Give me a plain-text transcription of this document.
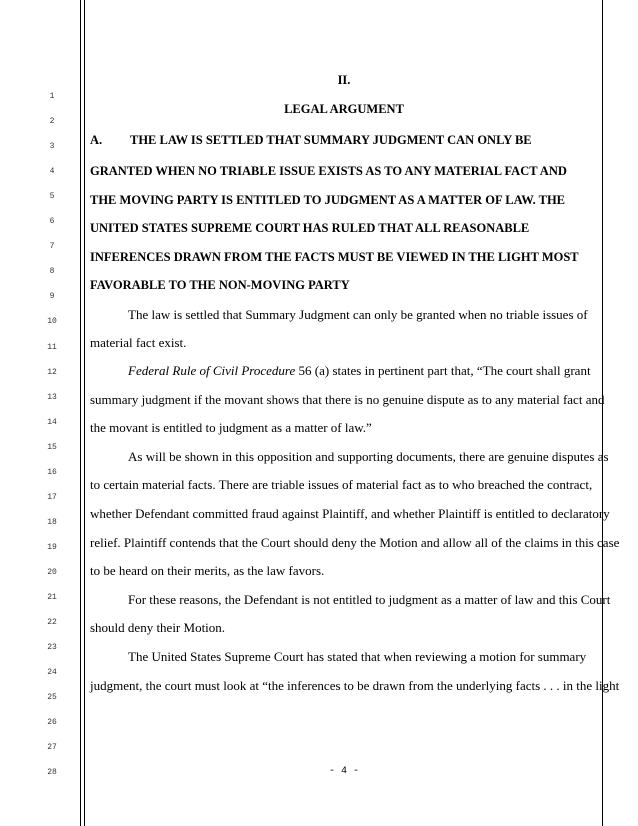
1
2
3
4
5
6
7
8
9
10
11
12
13
14
15
16
17
18
19
20
21
22
23
24
25
26
27
28
II.
LEGAL ARGUMENT
A. THE LAW IS SETTLED THAT SUMMARY JUDGMENT CAN ONLY BE
GRANTED WHEN NO TRIABLE ISSUE EXISTS AS TO ANY MATERIAL FACT AND
THE MOVING PARTY IS ENTITLED TO JUDGMENT AS A MATTER OF LAW. THE
UNITED STATES SUPREME COURT HAS RULED THAT ALL REASONABLE
INFERENCES DRAWN FROM THE FACTS MUST BE VIEWED IN THE LIGHT MOST
FAVORABLE TO THE NON-MOVING PARTY
The law is settled that Summary Judgment can only be granted when no triable issues of
material fact exist.
Federal Rule of Civil Procedure 56 (a) states in pertinent part that, “The court shall grant
summary judgment if the movant shows that there is no genuine dispute as to any material fact and
the movant is entitled to judgment as a matter of law.”
As will be shown in this opposition and supporting documents, there are genuine disputes as
to certain material facts. There are triable issues of material fact as to who breached the contract,
whether Defendant committed fraud against Plaintiff, and whether Plaintiff is entitled to declaratory
relief. Plaintiff contends that the Court should deny the Motion and allow all of the claims in this case
to be heard on their merits, as the law favors.
For these reasons, the Defendant is not entitled to judgment as a matter of law and this Court
should deny their Motion.
The United States Supreme Court has stated that when reviewing a motion for summary
judgment, the court must look at “the inferences to be drawn from the underlying facts . . . in the light
- 4 -
